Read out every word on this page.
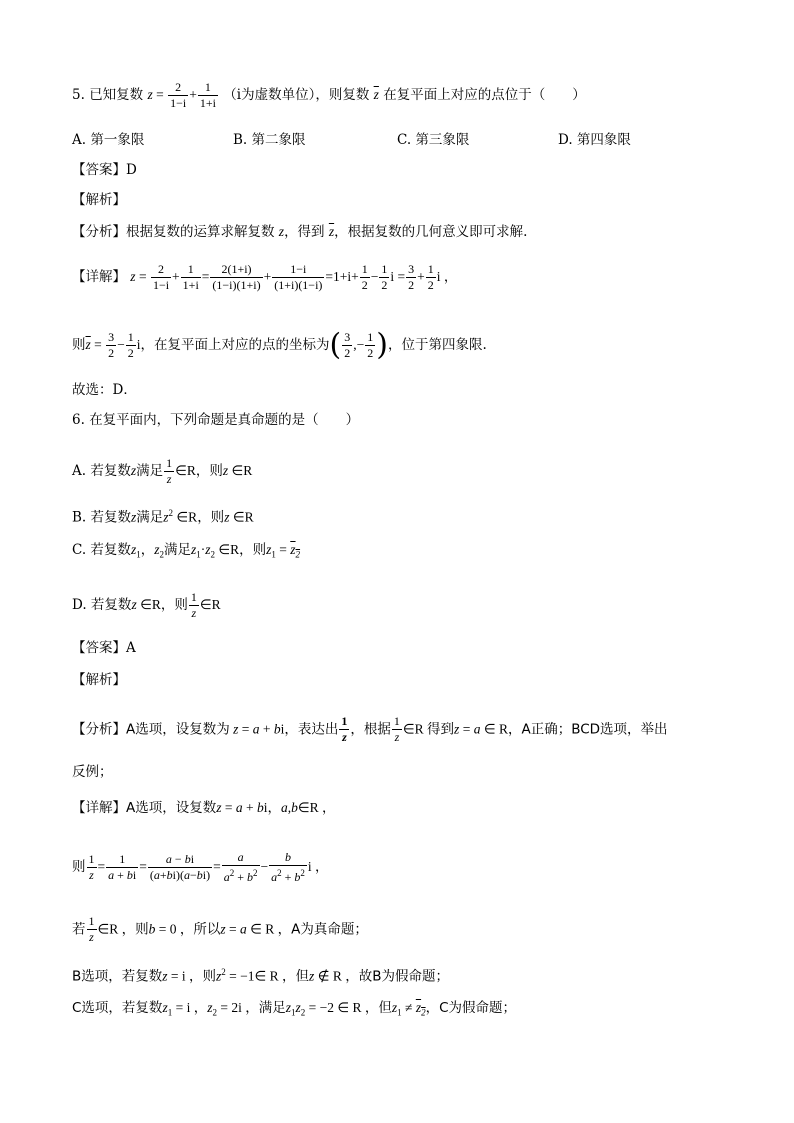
5. 已知复数 $z = \frac{2}{1-i} + \frac{1}{1+i} (i$为虚数单位），则复数 $\overline{z}$ 在复平面上对应的点位于（　　）
A. 第一象限	B. 第二象限	C. 第三象限	D. 第四象限
【答案】D
【解析】
【分析】根据复数的运算求解复数 z，得到 $\overline{z}$，根据复数的几何意义即可求解.
【详解】 $z = \frac{2}{1-i} + \frac{1}{1+i} = \frac{2(1+i)}{(1-i)(1+i)} + \frac{1-i}{(1+i)(1-i)} =1+i+ \frac{1}{2} - \frac{1}{2}$ $i = \frac{3}{2} + \frac{1}{2}$ i ，
则$\overline{z} = \frac{3}{2} - \frac{1}{2}$ i，在复平面上对应的点的坐标为( $\frac{3}{2}$ ,− $\frac{1}{2}$ )，位于第四象限.
故选：D．
6. 在复平面内，下列命题是真命题的是（　　）
A. 若复数z满足 $\frac{1}{z}$ ∈R，则z ∈R
B. 若复数z满足$z^2$ ∈R，则z ∈R
C. 若复数$z_1$，$z_2$满足$z_1\cdot z_2$ ∈R，则$z_1 = z_2$
D. 若复数z ∈R，则 $\frac{1}{z}$ ∈R
【答案】A
【解析】
【分析】A选项，设复数为 z = a + bi，表达出 $\frac{1}{z}$ ，根据 $\frac{1}{z}$ ∈R 得到z = a ∈ R，A正确；BCD选项，举出
反例；
【详解】A选项，设复数z = a + bi，a,b∈R ，
则 $\frac{1}{z} = \frac{1}{a + bi} = \frac{a - bi}{(a+bi)(a-bi)} = \frac{a}{a^2 + b^2} - \frac{b}{a^2 + b^2}$ i ，
若 $\frac{1}{z}$ ∈R ，则b = 0 ，所以z = a ∈ R ，A为真命题；
B选项，若复数z = i ，则$z^2$ = −1∈ R ，但z ∉ R ，故B为假命题；
C选项，若复数$z_1 = i$ ，$z_2 = 2i$ ，满足$z_1z_2 = -2$ ∈ R ，但$z_1 \ne z_2$，C为假命题；
